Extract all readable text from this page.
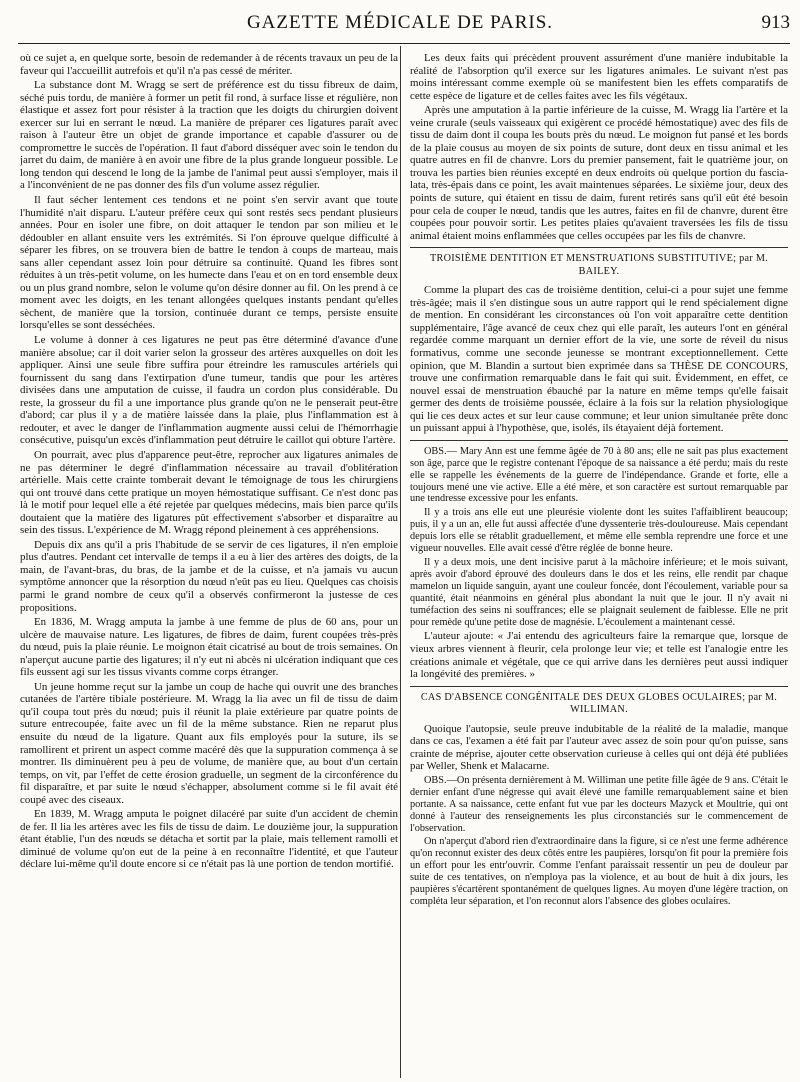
GAZETTE MÉDICALE DE PARIS.	913

où ce sujet a, en quelque sorte, besoin de redemander à de récents travaux un peu de la faveur qui l'accueillit autrefois et qu'il n'a pas cessé de mériter.

La substance dont M. Wragg se sert de préférence est du tissu fibreux de daim, séché puis tordu, de manière à former un petit fil rond, à surface lisse et régulière, non élastique et assez fort pour résister à la traction que les doigts du chirurgien doivent exercer sur lui en serrant le nœud. La manière de préparer ces ligatures paraît avec raison à l'auteur être un objet de grande importance et capable d'assurer ou de compromettre le succès de l'opération. Il faut d'abord disséquer avec soin le tendon du jarret du daim, de manière à en avoir une fibre de la plus grande longueur possible. Le long tendon qui descend le long de la jambe de l'animal peut aussi s'employer, mais il a l'inconvénient de ne pas donner des fils d'un volume assez régulier.

Il faut sécher lentement ces tendons et ne point s'en servir avant que toute l'humidité n'ait disparu. L'auteur préfère ceux qui sont restés secs pendant plusieurs années. Pour en isoler une fibre, on doit attaquer le tendon par son milieu et le dédoubler en allant ensuite vers les extrémités. Si l'on éprouve quelque difficulté à séparer les fibres, on se trouvera bien de battre le tendon à coups de marteau, mais sans aller cependant assez loin pour détruire sa continuité. Quand les fibres sont réduites à un très-petit volume, on les humecte dans l'eau et on en tord ensemble deux ou un plus grand nombre, selon le volume qu'on désire donner au fil. On les prend à ce moment avec les doigts, en les tenant allongées quelques instants pendant qu'elles sèchent, de manière que la torsion, continuée durant ce temps, persiste ensuite lorsqu'elles se sont desséchées.

Le volume à donner à ces ligatures ne peut pas être déterminé d'avance d'une manière absolue; car il doit varier selon la grosseur des artères auxquelles on doit les appliquer. Ainsi une seule fibre suffira pour étreindre les ramuscules artériels qui fournissent du sang dans l'extirpation d'une tumeur, tandis que pour les artères divisées dans une amputation de cuisse, il faudra un cordon plus considérable. Du reste, la grosseur du fil a une importance plus grande qu'on ne le penserait peut-être d'abord; car plus il y a de matière laissée dans la plaie, plus l'inflammation est à redouter, et avec le danger de l'inflammation augmente aussi celui de l'hémorrhagie consécutive, puisqu'un excès d'inflammation peut détruire le caillot qui obture l'artère.

On pourrait, avec plus d'apparence peut-être, reprocher aux ligatures animales de ne pas déterminer le degré d'inflammation nécessaire au travail d'oblitération artérielle. Mais cette crainte tomberait devant le témoignage de tous les chirurgiens qui ont trouvé dans cette pratique un moyen hémostatique suffisant. Ce n'est donc pas là le motif pour lequel elle a été rejetée par quelques médecins, mais bien parce qu'ils doutaient que la matière des ligatures pût effectivement s'absorber et disparaître au sein des tissus. L'expérience de M. Wragg répond pleinement à ces appréhensions.

Depuis dix ans qu'il a pris l'habitude de se servir de ces ligatures, il n'en emploie plus d'autres. Pendant cet intervalle de temps il a eu à lier des artères des doigts, de la main, de l'avant-bras, du bras, de la jambe et de la cuisse, et n'a jamais vu aucun symptôme annoncer que la résorption du nœud n'eût pas eu lieu. Quelques cas choisis parmi le grand nombre de ceux qu'il a observés confirmeront la justesse de ces propositions.

En 1836, M. Wragg amputa la jambe à une femme de plus de 60 ans, pour un ulcère de mauvaise nature. Les ligatures, de fibres de daim, furent coupées très-près du nœud, puis la plaie réunie. Le moignon était cicatrisé au bout de trois semaines. On n'aperçut aucune partie des ligatures; il n'y eut ni abcès ni ulcération indiquant que ces fils eussent agi sur les tissus vivants comme corps étranger.

Un jeune homme reçut sur la jambe un coup de hache qui ouvrit une des branches cutanées de l'artère tibiale postérieure. M. Wragg la lia avec un fil de tissu de daim qu'il coupa tout près du nœud; puis il réunit la plaie extérieure par quatre points de suture entrecoupée, faite avec un fil de la même substance. Rien ne reparut plus ensuite du nœud de la ligature. Quant aux fils employés pour la suture, ils se ramollirent et prirent un aspect comme macéré dès que la suppuration commença à se montrer. Ils diminuèrent peu à peu de volume, de manière que, au bout d'un certain temps, on vit, par l'effet de cette érosion graduelle, un segment de la circonférence du fil disparaître, et par suite le nœud s'échapper, absolument comme si le fil avait été coupé avec des ciseaux.

En 1839, M. Wragg amputa le poignet dilacéré par suite d'un accident de chemin de fer. Il lia les artères avec les fils de tissu de daim. Le douzième jour, la suppuration étant établie, l'un des nœuds se détacha et sortit par la plaie, mais tellement ramolli et diminué de volume qu'on eut de la peine à en reconnaître l'identité, et que l'auteur déclare lui-même qu'il doute encore si ce n'était pas là une portion de tendon mortifié.

Les deux faits qui précèdent prouvent assurément d'une manière indubitable la réalité de l'absorption qu'il exerce sur les ligatures animales. Le suivant n'est pas moins intéressant comme exemple où se manifestent bien les effets comparatifs de cette espèce de ligature et de celles faites avec les fils végétaux.

Après une amputation à la partie inférieure de la cuisse, M. Wragg lia l'artère et la veine crurale (seuls vaisseaux qui exigèrent ce procédé hémostatique) avec des fils de tissu de daim dont il coupa les bouts près du nœud. Le moignon fut pansé et les bords de la plaie cousus au moyen de six points de suture, dont deux en tissu animal et les quatre autres en fil de chanvre. Lors du premier pansement, fait le quatrième jour, on trouva les parties bien réunies excepté en deux endroits où quelque portion du fascia-lata, très-épais dans ce point, les avait maintenues séparées. Le sixième jour, deux des points de suture, qui étaient en tissu de daim, furent retirés sans qu'il eût été besoin pour cela de couper le nœud, tandis que les autres, faites en fil de chanvre, durent être coupées pour pouvoir sortir. Les petites plaies qu'avaient traversées les fils de tissu animal étaient moins enflammées que celles occupées par les fils de chanvre.

TROISIÈME DENTITION ET MENSTRUATIONS SUBSTITUTIVE; par M. BAILEY.

Comme la plupart des cas de troisième dentition, celui-ci a pour sujet une femme très-âgée; mais il s'en distingue sous un autre rapport qui le rend spécialement digne de mention. En considérant les circonstances où l'on voit apparaître cette dentition supplémentaire, l'âge avancé de ceux chez qui elle paraît, les auteurs l'ont en général regardée comme marquant un dernier effort de la vie, une sorte de réveil du nisus formativus, comme une seconde jeunesse se montrant exceptionnellement. Cette opinion, que M. Blandin a surtout bien exprimée dans sa THÈSE DE CONCOURS, trouve une confirmation remarquable dans le fait qui suit. Évidemment, en effet, ce nouvel essai de menstruation ébauché par la nature en même temps qu'elle faisait germer des dents de troisième poussée, éclaire à la fois sur la relation physiologique qui lie ces deux actes et sur leur cause commune; et leur union simultanée prête donc un puissant appui à l'hypothèse, que, isolés, ils étayaient déjà fortement.

OBS.— Mary Ann est une femme âgée de 70 à 80 ans; elle ne sait pas plus exactement son âge, parce que le registre contenant l'époque de sa naissance a été perdu; mais du reste elle se rappelle les événements de la guerre de l'indépendance. Grande et forte, elle a toujours mené une vie active. Elle a été mère, et son caractère est surtout remarquable par une tendresse excessive pour les enfants.

Il y a trois ans elle eut une pleurésie violente dont les suites l'affaiblirent beaucoup; puis, il y a un an, elle fut aussi affectée d'une dyssenterie très-douloureuse. Mais cependant depuis lors elle se rétablit graduellement, et même elle sembla reprendre une force et une vigueur nouvelles. Elle avait cessé d'être réglée de bonne heure.

Il y a deux mois, une dent incisive parut à la mâchoire inférieure; et le mois suivant, après avoir d'abord éprouvé des douleurs dans le dos et les reins, elle rendit par chaque mamelon un liquide sanguin, ayant une couleur foncée, dont l'écoulement, variable pour sa quantité, était néanmoins en général plus abondant la nuit que le jour. Il n'y avait ni tuméfaction des seins ni souffrances; elle se plaignait seulement de faiblesse. Elle ne prit pour remède qu'une petite dose de magnésie. L'écoulement a maintenant cessé.

L'auteur ajoute: « J'ai entendu des agriculteurs faire la remarque que, lorsque de vieux arbres viennent à fleurir, cela prolonge leur vie; et telle est l'analogie entre les créations animale et végétale, que ce qui arrive dans les dernières peut aussi indiquer la longévité des premières. »

CAS D'ABSENCE CONGÉNITALE DES DEUX GLOBES OCULAIRES; par M. WILLIMAN.

Quoique l'autopsie, seule preuve indubitable de la réalité de la maladie, manque dans ce cas, l'examen a été fait par l'auteur avec assez de soin pour qu'on puisse, sans crainte de méprise, ajouter cette observation curieuse à celles qui ont déjà été publiées par Weller, Shenk et Malacarne.

OBS.—On présenta dernièrement à M. Williman une petite fille âgée de 9 ans. C'était le dernier enfant d'une négresse qui avait élevé une famille remarquablement saine et bien portante. A sa naissance, cette enfant fut vue par les docteurs Mazyck et Moultrie, qui ont donné à l'auteur des renseignements les plus circonstanciés sur le commencement de l'observation.

On n'aperçut d'abord rien d'extraordinaire dans la figure, si ce n'est une ferme adhérence qu'on reconnut exister des deux côtés entre les paupières, lorsqu'on fit pour la première fois un effort pour les entr'ouvrir. Comme l'enfant paraissait ressentir un peu de douleur par suite de ces tentatives, on n'employa pas la violence, et au bout de huit à dix jours, les paupières s'écartèrent spontanément de quelques lignes. Au moyen d'une légère traction, on compléta leur séparation, et l'on reconnut alors l'absence des globes oculaires.
